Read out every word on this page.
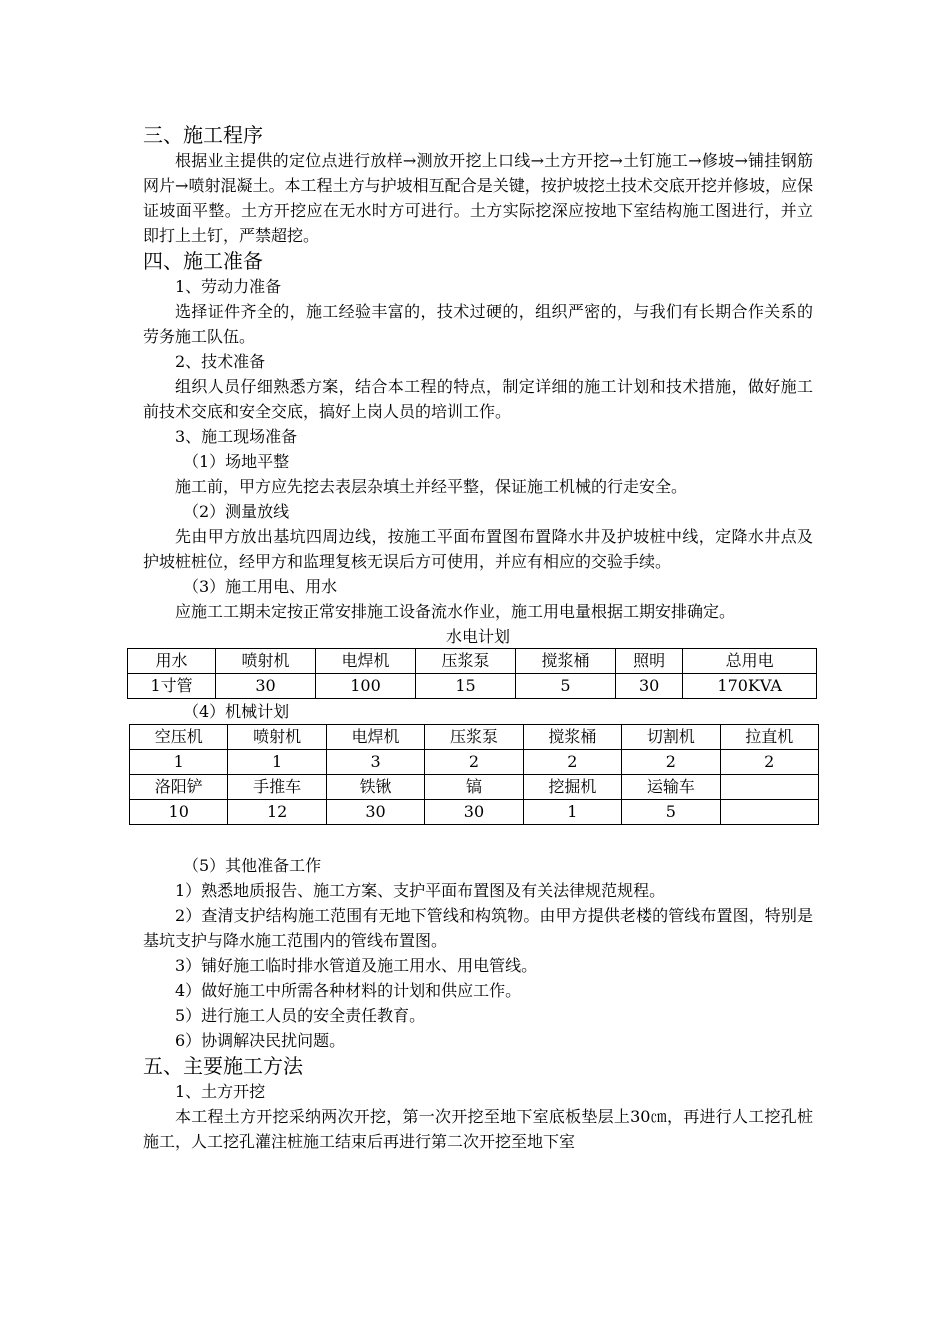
三、施工程序

根据业主提供的定位点进行放样→测放开挖上口线→土方开挖→土钉施工→修坡→铺挂钢筋网片→喷射混凝土。本工程土方与护坡相互配合是关键，按护坡挖土技术交底开挖并修坡，应保证坡面平整。土方开挖应在无水时方可进行。土方实际挖深应按地下室结构施工图进行，并立即打上土钉，严禁超挖。

四、施工准备

1、劳动力准备

选择证件齐全的，施工经验丰富的，技术过硬的，组织严密的，与我们有长期合作关系的劳务施工队伍。

2、技术准备

组织人员仔细熟悉方案，结合本工程的特点，制定详细的施工计划和技术措施，做好施工前技术交底和安全交底，搞好上岗人员的培训工作。

3、施工现场准备

（1）场地平整

施工前，甲方应先挖去表层杂填土并经平整，保证施工机械的行走安全。

（2）测量放线

先由甲方放出基坑四周边线，按施工平面布置图布置降水井及护坡桩中线，定降水井点及护坡桩桩位，经甲方和监理复核无误后方可使用，并应有相应的交验手续。

（3）施工用电、用水

应施工工期未定按正常安排施工设备流水作业，施工用电量根据工期安排确定。

水电计划

用水	喷射机	电焊机	压浆泵	搅浆桶	照明	总用电
1寸管	30	100	15	5	30	170KVA

（4）机械计划

空压机	喷射机	电焊机	压浆泵	搅浆桶	切割机	拉直机
1	1	3	2	2	2	2
洛阳铲	手推车	铁锹	镐	挖掘机	运输车	
10	12	30	30	1	5	

（5）其他准备工作

1）熟悉地质报告、施工方案、支护平面布置图及有关法律规范规程。

2）查清支护结构施工范围有无地下管线和构筑物。由甲方提供老楼的管线布置图，特别是基坑支护与降水施工范围内的管线布置图。

3）铺好施工临时排水管道及施工用水、用电管线。

4）做好施工中所需各种材料的计划和供应工作。

5）进行施工人员的安全责任教育。

6）协调解决民扰问题。

五、主要施工方法

1、土方开挖

本工程土方开挖采纳两次开挖，第一次开挖至地下室底板垫层上30㎝，再进行人工挖孔桩施工，人工挖孔灌注桩施工结束后再进行第二次开挖至地下室
